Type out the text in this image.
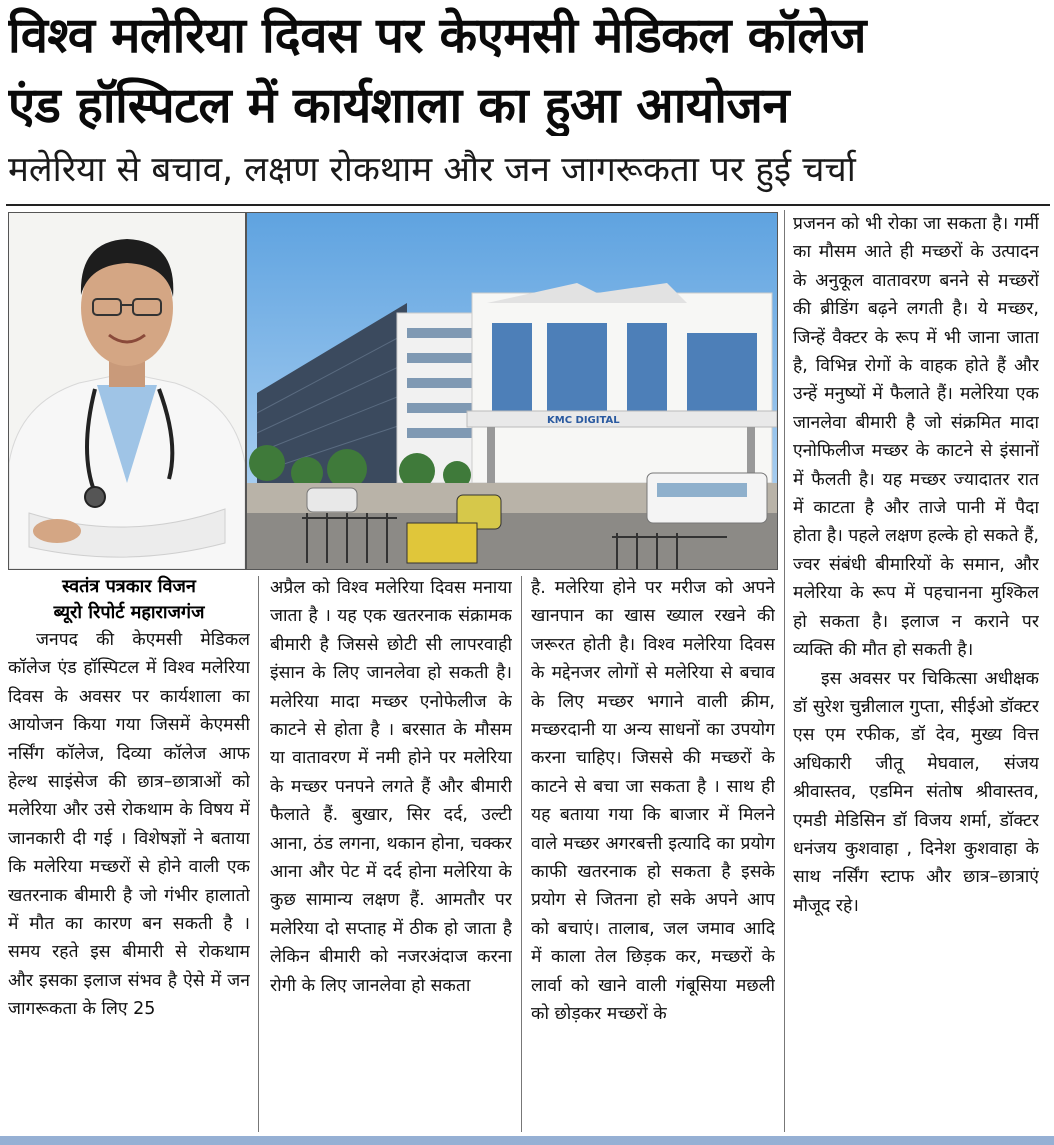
विश्व मलेरिया दिवस पर केएमसी मेडिकल कॉलेज
एंड हॉस्पिटल में कार्यशाला का हुआ आयोजन
मलेरिया से बचाव, लक्षण रोकथाम और जन जागरूकता पर हुई चर्चा
KMC DIGITAL
स्वतंत्र पत्रकार विजन
ब्यूरो रिपोर्ट महाराजगंज

जनपद की केएमसी मेडिकल कॉलेज एंड हॉस्पिटल में विश्व मलेरिया दिवस के अवसर पर कार्यशाला का आयोजन किया गया जिसमें केएमसी नर्सिंग कॉलेज, दिव्या कॉलेज आफ हेल्थ साइंसेज की छात्र–छात्राओं को मलेरिया और उसे रोकथाम के विषय में जानकारी दी गई । विशेषज्ञों ने बताया कि मलेरिया मच्छरों से होने वाली एक खतरनाक बीमारी है जो गंभीर हालातो में मौत का कारण बन सकती है । समय रहते इस बीमारी से रोकथाम और इसका इलाज संभव है ऐसे में जन जागरूकता के लिए 25

अप्रैल को विश्व मलेरिया दिवस मनाया जाता है । यह एक खतरनाक संक्रामक बीमारी है जिससे छोटी सी लापरवाही इंसान के लिए जानलेवा हो सकती है। मलेरिया मादा मच्छर एनोफेलीज के काटने से होता है । बरसात के मौसम या वातावरण में नमी होने पर मलेरिया के मच्छर पनपने लगते हैं और बीमारी फैलाते हैं. बुखार, सिर दर्द, उल्टी आना, ठंड लगना, थकान होना, चक्कर आना और पेट में दर्द होना मलेरिया के कुछ सामान्य लक्षण हैं. आमतौर पर मलेरिया दो सप्ताह में ठीक हो जाता है लेकिन बीमारी को नजरअंदाज करना रोगी के लिए जानलेवा हो सकता

है. मलेरिया होने पर मरीज को अपने खानपान का खास ख्याल रखने की जरूरत होती है। विश्व मलेरिया दिवस के मद्देनजर लोगों से मलेरिया से बचाव के लिए मच्छर भगाने वाली क्रीम, मच्छरदानी या अन्य साधनों का उपयोग करना चाहिए। जिससे की मच्छरों के काटने से बचा जा सकता है । साथ ही यह बताया गया कि बाजार में मिलने वाले मच्छर अगरबत्ती इत्यादि का प्रयोग काफी खतरनाक हो सकता है इसके प्रयोग से जितना हो सके अपने आप को बचाएं। तालाब, जल जमाव आदि में काला तेल छिड़क कर, मच्छरों के लार्वा को खाने वाली गंबूसिया मछली को छोड़कर मच्छरों के

प्रजनन को भी रोका जा सकता है। गर्मी का मौसम आते ही मच्छरों के उत्पादन के अनुकूल वातावरण बनने से मच्छरों की ब्रीडिंग बढ़ने लगती है। ये मच्छर, जिन्हें वैक्टर के रूप में भी जाना जाता है, विभिन्न रोगों के वाहक होते हैं और उन्हें मनुष्यों में फैलाते हैं। मलेरिया एक जानलेवा बीमारी है जो संक्रमित मादा एनोफिलीज मच्छर के काटने से इंसानों में फैलती है। यह मच्छर ज्यादातर रात में काटता है और ताजे पानी में पैदा होता है। पहले लक्षण हल्के हो सकते हैं, ज्वर संबंधी बीमारियों के समान, और मलेरिया के रूप में पहचानना मुश्किल हो सकता है। इलाज न कराने पर व्यक्ति की मौत हो सकती है।

इस अवसर पर चिकित्सा अधीक्षक डॉ सुरेश चुन्नीलाल गुप्ता, सीईओ डॉक्टर एस एम रफीक, डॉ देव, मुख्य वित्त अधिकारी जीतू मेघवाल, संजय श्रीवास्तव, एडमिन संतोष श्रीवास्तव, एमडी मेडिसिन डॉ विजय शर्मा, डॉक्टर धनंजय कुशवाहा , दिनेश कुशवाहा के साथ नर्सिंग स्टाफ और छात्र–छात्राएं मौजूद रहे।
